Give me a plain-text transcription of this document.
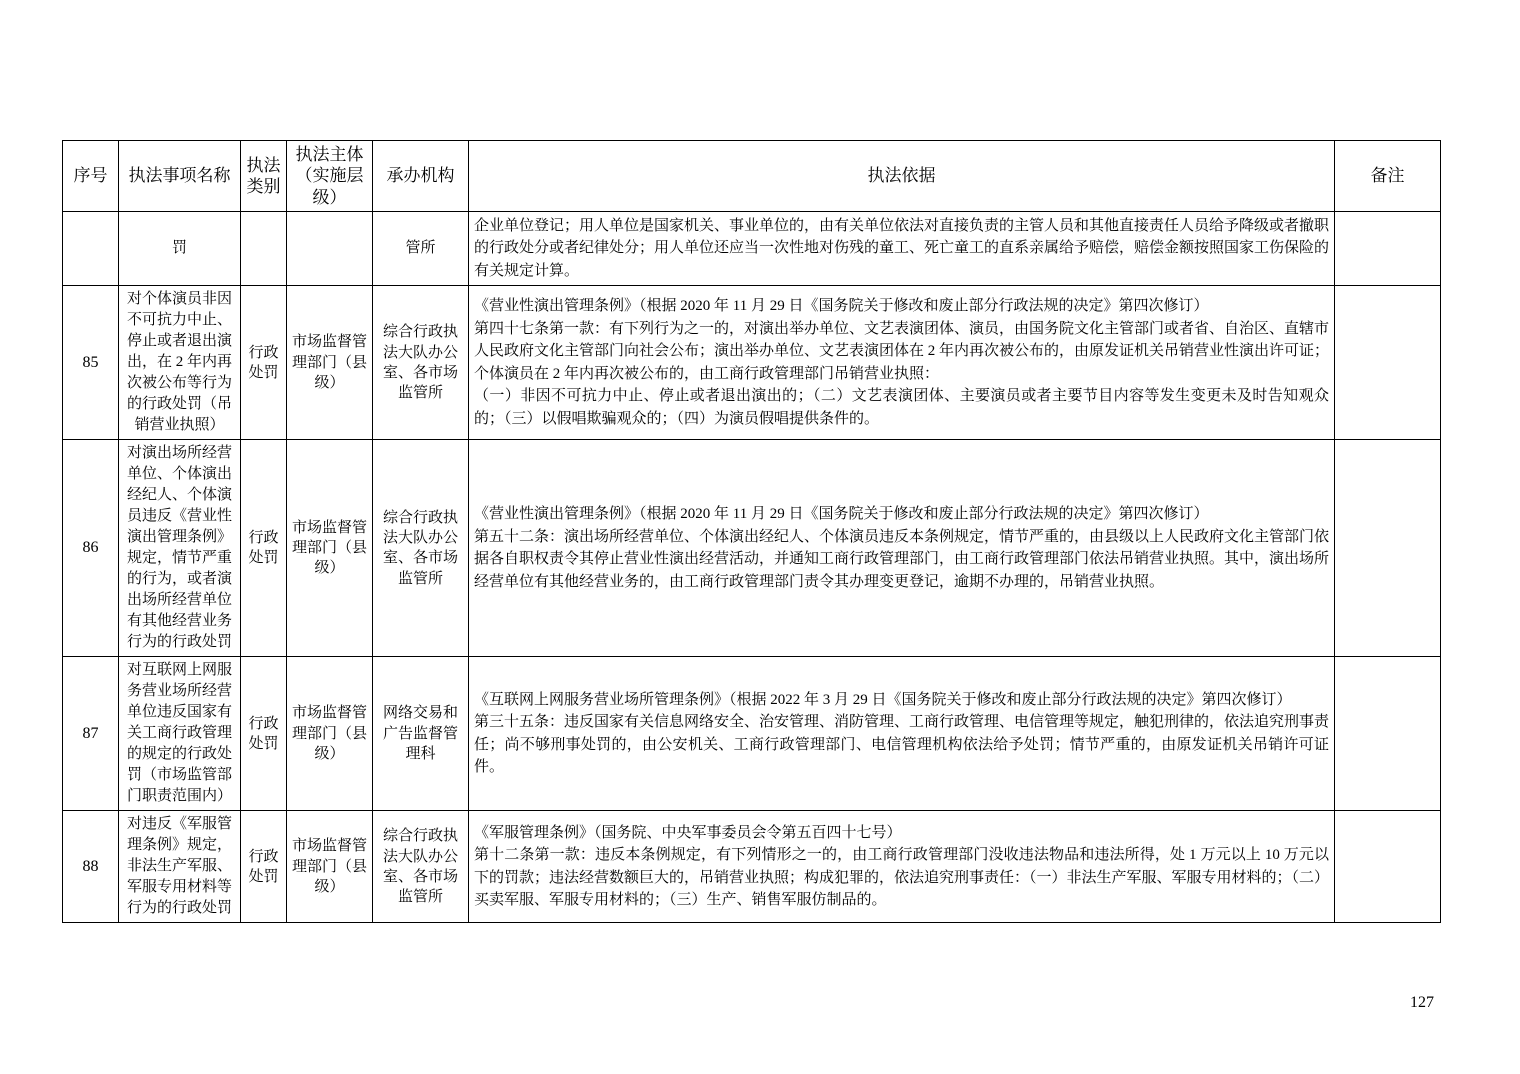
序号	执法事项名称	执法类别	执法主体（实施层级）	承办机构	执法依据	备注
	罚			管所	企业单位登记；用人单位是国家机关、事业单位的，由有关单位依法对直接负责的主管人员和其他直接责任人员给予降级或者撤职的行政处分或者纪律处分；用人单位还应当一次性地对伤残的童工、死亡童工的直系亲属给予赔偿，赔偿金额按照国家工伤保险的有关规定计算。	

85	对个体演员非因不可抗力中止、停止或者退出演出，在 2 年内再次被公布等行为的行政处罚（吊销营业执照）	行政处罚	市场监督管理部门（县级）	综合行政执法大队办公室、各市场监管所	《营业性演出管理条例》（根据 2020 年 11 月 29 日《国务院关于修改和废止部分行政法规的决定》第四次修订）

第四十七条第一款：有下列行为之一的，对演出举办单位、文艺表演团体、演员，由国务院文化主管部门或者省、自治区、直辖市人民政府文化主管部门向社会公布；演出举办单位、文艺表演团体在 2 年内再次被公布的，由原发证机关吊销营业性演出许可证；个体演员在 2 年内再次被公布的，由工商行政管理部门吊销营业执照：

（一）非因不可抗力中止、停止或者退出演出的；（二）文艺表演团体、主要演员或者主要节目内容等发生变更未及时告知观众的；（三）以假唱欺骗观众的；（四）为演员假唱提供条件的。	

86	对演出场所经营单位、个体演出经纪人、个体演员违反《营业性演出管理条例》规定，情节严重的行为，或者演出场所经营单位有其他经营业务行为的行政处罚	行政处罚	市场监督管理部门（县级）	综合行政执法大队办公室、各市场监管所	《营业性演出管理条例》（根据 2020 年 11 月 29 日《国务院关于修改和废止部分行政法规的决定》第四次修订）

第五十二条：演出场所经营单位、个体演出经纪人、个体演员违反本条例规定，情节严重的，由县级以上人民政府文化主管部门依据各自职权责令其停止营业性演出经营活动，并通知工商行政管理部门，由工商行政管理部门依法吊销营业执照。其中，演出场所经营单位有其他经营业务的，由工商行政管理部门责令其办理变更登记，逾期不办理的，吊销营业执照。	

87	对互联网上网服务营业场所经营单位违反国家有关工商行政管理的规定的行政处罚（市场监管部门职责范围内）	行政处罚	市场监督管理部门（县级）	网络交易和广告监督管理科	《互联网上网服务营业场所管理条例》（根据 2022 年 3 月 29 日《国务院关于修改和废止部分行政法规的决定》第四次修订）

第三十五条：违反国家有关信息网络安全、治安管理、消防管理、工商行政管理、电信管理等规定，触犯刑律的，依法追究刑事责任；尚不够刑事处罚的，由公安机关、工商行政管理部门、电信管理机构依法给予处罚；情节严重的，由原发证机关吊销许可证件。	

88	对违反《军服管理条例》规定，非法生产军服、军服专用材料等行为的行政处罚	行政处罚	市场监督管理部门（县级）	综合行政执法大队办公室、各市场监管所	《军服管理条例》（国务院、中央军事委员会令第五百四十七号）

第十二条第一款：违反本条例规定，有下列情形之一的，由工商行政管理部门没收违法物品和违法所得，处 1 万元以上 10 万元以下的罚款；违法经营数额巨大的，吊销营业执照；构成犯罪的，依法追究刑事责任：（一）非法生产军服、军服专用材料的；（二）买卖军服、军服专用材料的；（三）生产、销售军服仿制品的。	

127
